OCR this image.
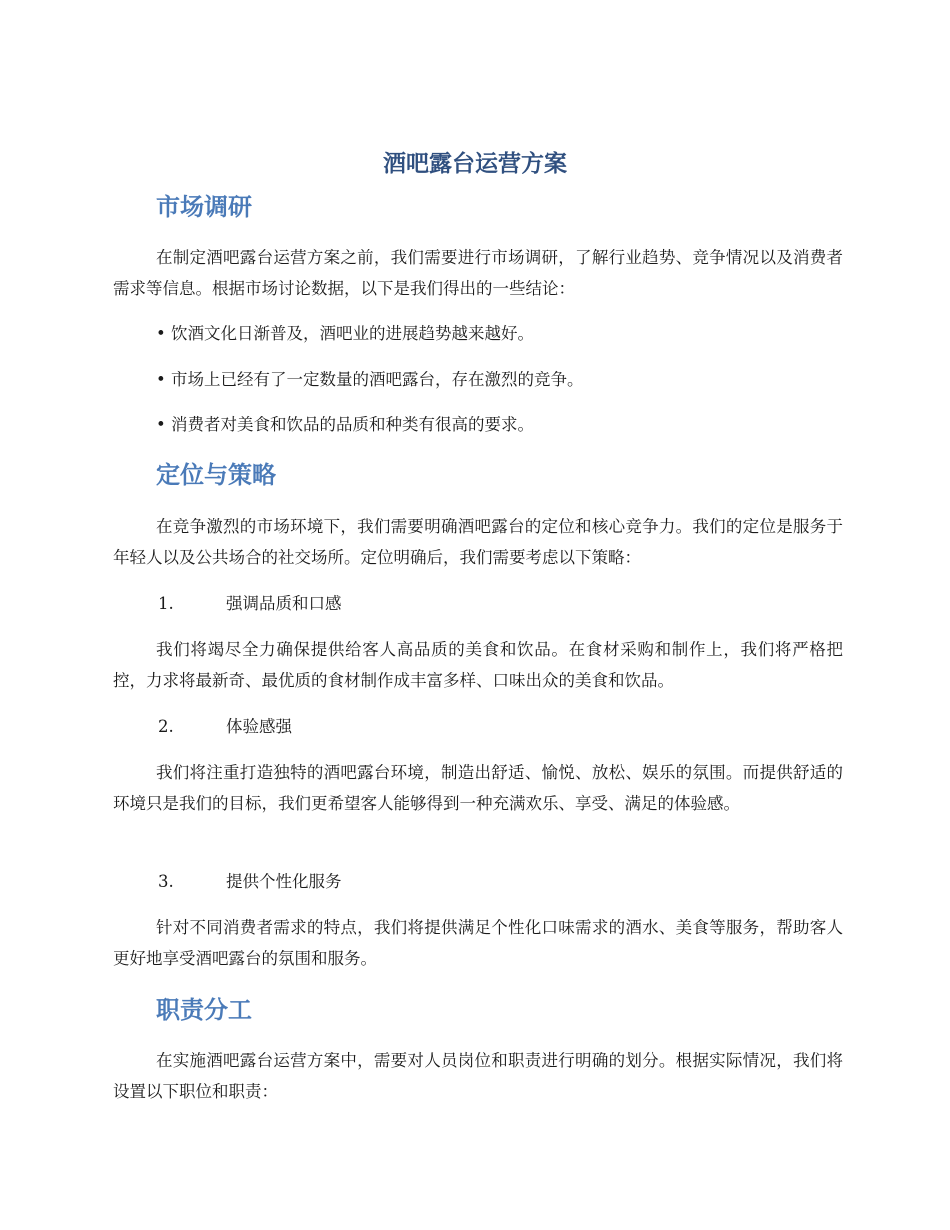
酒吧露台运营方案
市场调研
在制定酒吧露台运营方案之前，我们需要进行市场调研，了解行业趋势、竞争情况以及消费者需求等信息。根据市场讨论数据，以下是我们得出的一些结论：
• 饮酒文化日渐普及，酒吧业的进展趋势越来越好。
• 市场上已经有了一定数量的酒吧露台，存在激烈的竞争。
• 消费者对美食和饮品的品质和种类有很高的要求。
定位与策略
在竞争激烈的市场环境下，我们需要明确酒吧露台的定位和核心竞争力。我们的定位是服务于年轻人以及公共场合的社交场所。定位明确后，我们需要考虑以下策略：
1.	强调品质和口感
我们将竭尽全力确保提供给客人高品质的美食和饮品。在食材采购和制作上，我们将严格把控，力求将最新奇、最优质的食材制作成丰富多样、口味出众的美食和饮品。
2.	体验感强
我们将注重打造独特的酒吧露台环境，制造出舒适、愉悦、放松、娱乐的氛围。而提供舒适的环境只是我们的目标，我们更希望客人能够得到一种充满欢乐、享受、满足的体验感。
3.	提供个性化服务
针对不同消费者需求的特点，我们将提供满足个性化口味需求的酒水、美食等服务，帮助客人更好地享受酒吧露台的氛围和服务。
职责分工
在实施酒吧露台运营方案中，需要对人员岗位和职责进行明确的划分。根据实际情况，我们将设置以下职位和职责：
